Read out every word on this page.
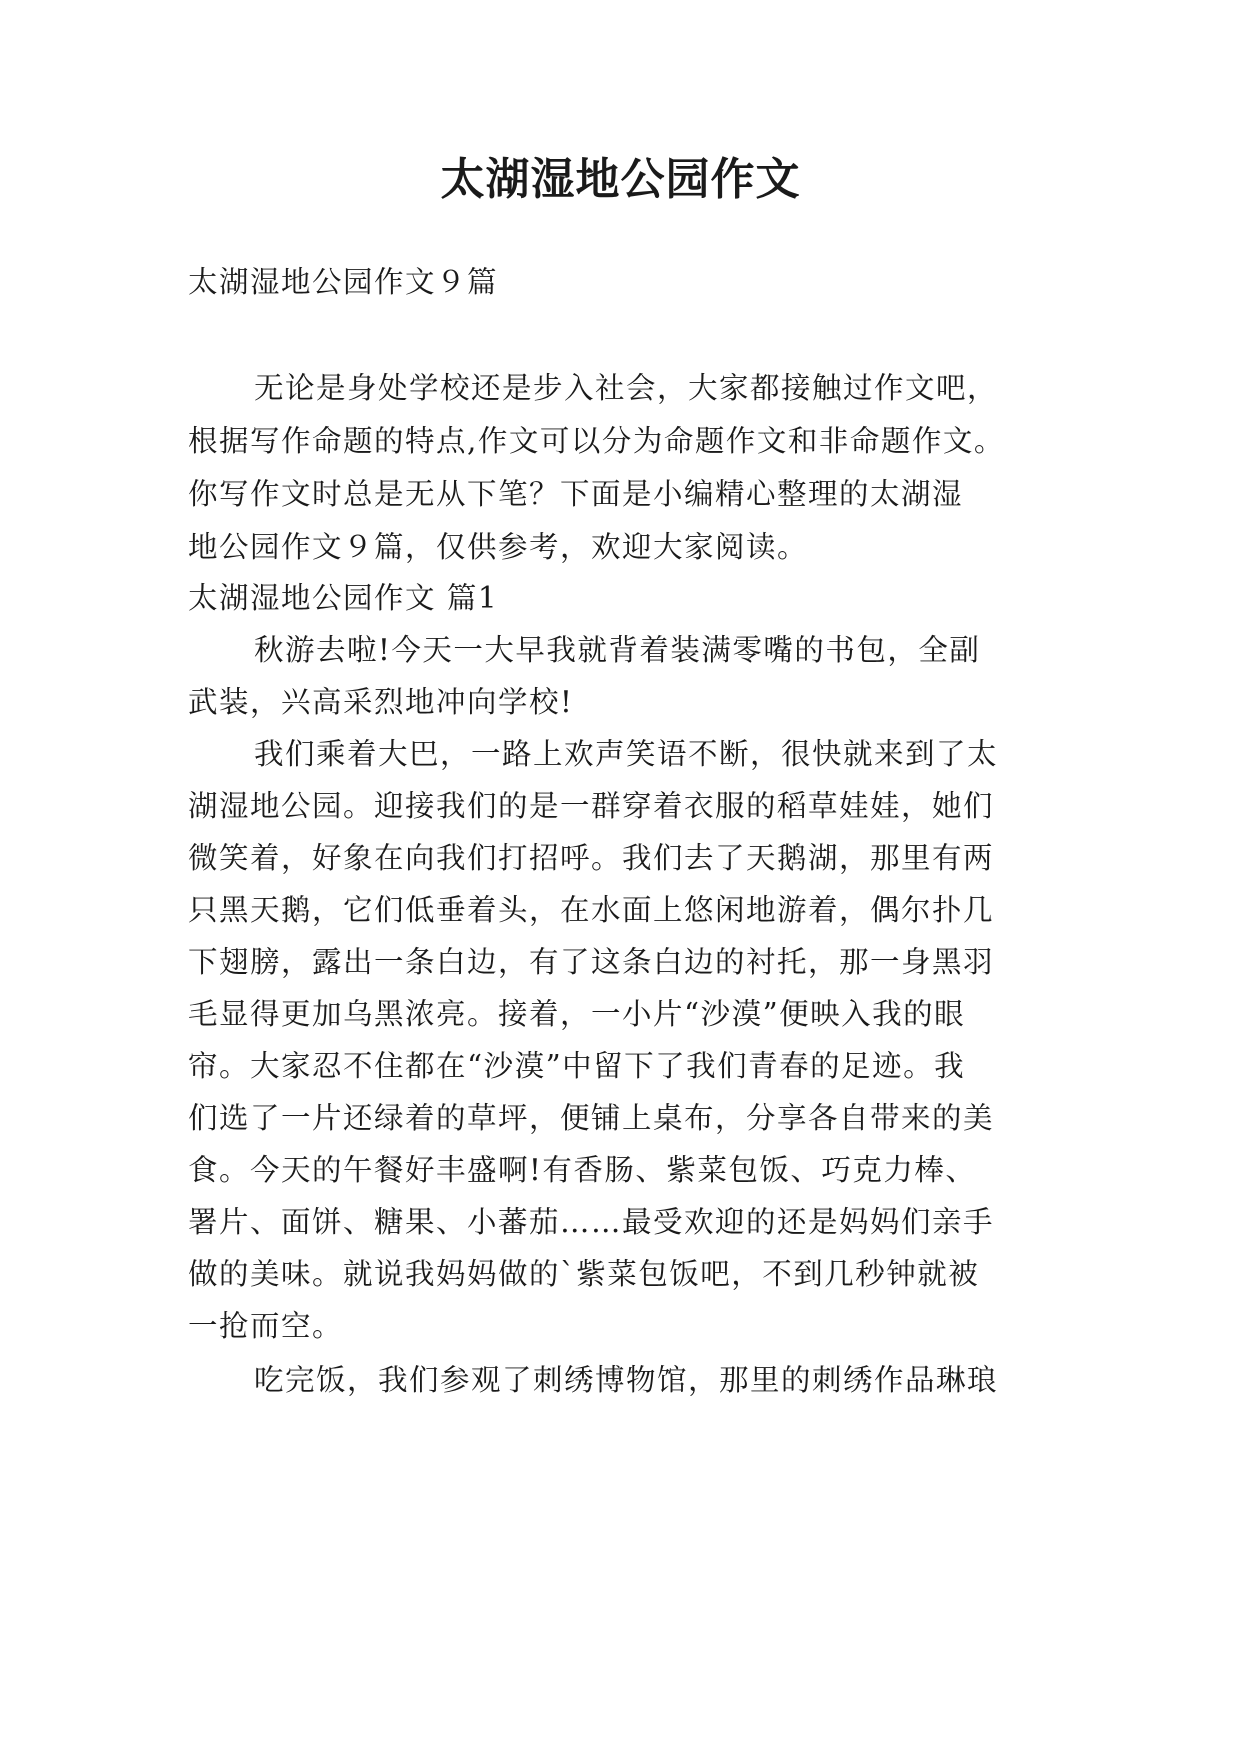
太湖湿地公园作文

太湖湿地公园作文９篇

无论是身处学校还是步入社会，大家都接触过作文吧，

根据写作命题的特点,作文可以分为命题作文和非命题作文。

你写作文时总是无从下笔？下面是小编精心整理的太湖湿

地公园作文９篇，仅供参考，欢迎大家阅读。

太湖湿地公园作文 篇1

秋游去啦!今天一大早我就背着装满零嘴的书包，全副

武装，兴高采烈地冲向学校!

我们乘着大巴，一路上欢声笑语不断，很快就来到了太

湖湿地公园。迎接我们的是一群穿着衣服的稻草娃娃，她们

微笑着，好象在向我们打招呼。我们去了天鹅湖，那里有两

只黑天鹅，它们低垂着头，在水面上悠闲地游着，偶尔扑几

下翅膀，露出一条白边，有了这条白边的衬托，那一身黑羽

毛显得更加乌黑浓亮。接着，一小片“沙漠”便映入我的眼

帘。大家忍不住都在“沙漠”中留下了我们青春的足迹。我

们选了一片还绿着的草坪，便铺上桌布，分享各自带来的美

食。今天的午餐好丰盛啊!有香肠、紫菜包饭、巧克力棒、

署片、面饼、糖果、小蕃茄……最受欢迎的还是妈妈们亲手

做的美味。就说我妈妈做的`紫菜包饭吧，不到几秒钟就被

一抢而空。

吃完饭，我们参观了刺绣博物馆，那里的刺绣作品琳琅
